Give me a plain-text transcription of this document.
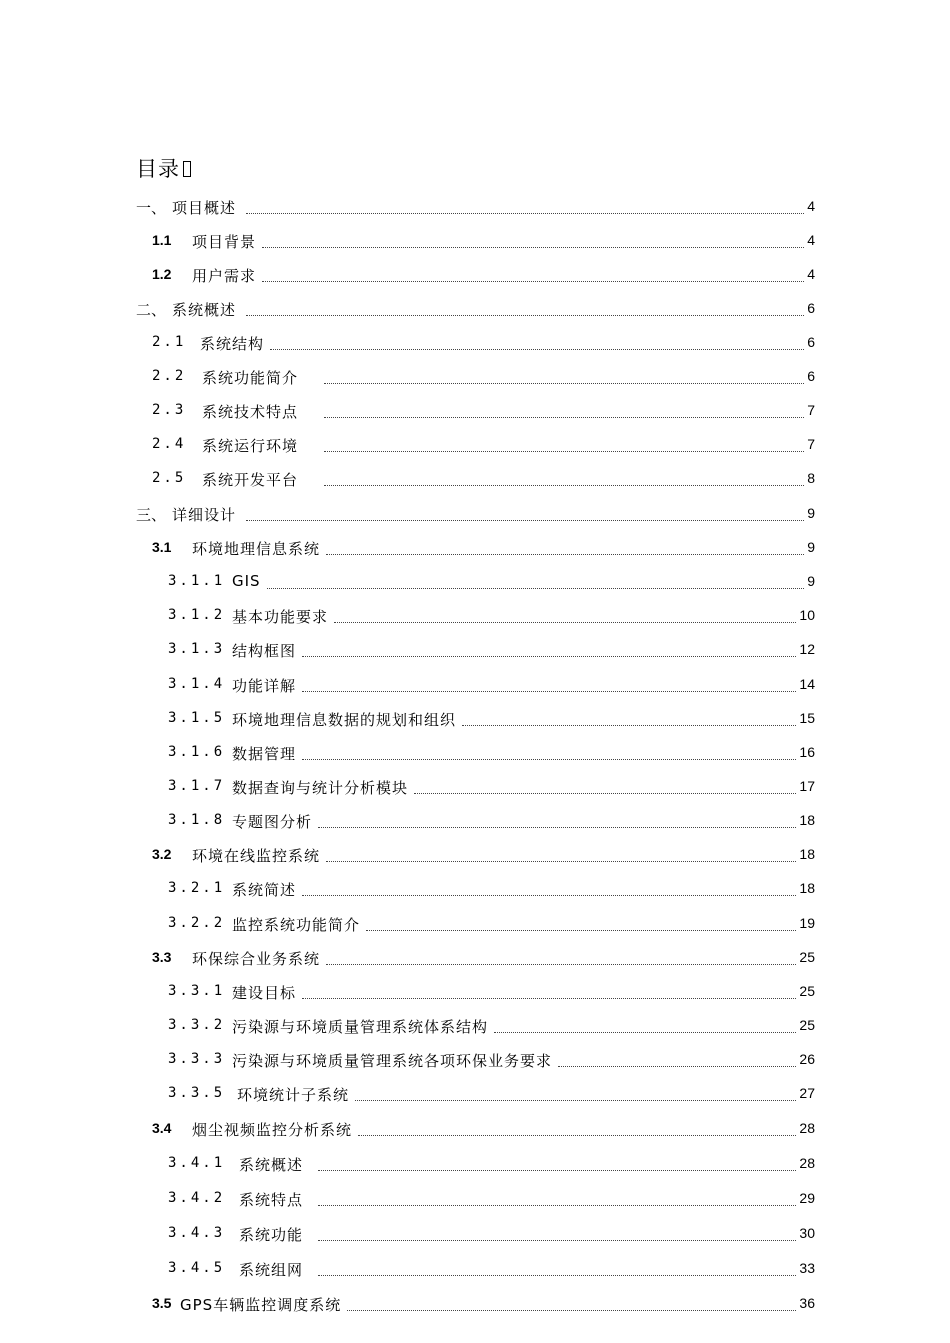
目录
一、 项目概述	4
1.1 项目背景	4
1.2 用户需求	4
二、 系统概述	6
2.1 系统结构	6
2.2 系统功能简介	6
2.3 系统技术特点	7
2.4 系统运行环境	7
2.5 系统开发平台	8
三、 详细设计	9
3.1 环境地理信息系统	9
3.1.1 GIS	9
3.1.2 基本功能要求	10
3.1.3 结构框图	12
3.1.4 功能详解	14
3.1.5 环境地理信息数据的规划和组织	15
3.1.6 数据管理	16
3.1.7 数据查询与统计分析模块	17
3.1.8 专题图分析	18
3.2 环境在线监控系统	18
3.2.1 系统简述	18
3.2.2 监控系统功能简介	19
3.3 环保综合业务系统	25
3.3.1 建设目标	25
3.3.2 污染源与环境质量管理系统体系结构	25
3.3.3 污染源与环境质量管理系统各项环保业务要求	26
3.3.5 环境统计子系统	27
3.4 烟尘视频监控分析系统	28
3.4.1 系统概述	28
3.4.2 系统特点	29
3.4.3 系统功能	30
3.4.5 系统组网	33
3.5 GPS车辆监控调度系统	36
